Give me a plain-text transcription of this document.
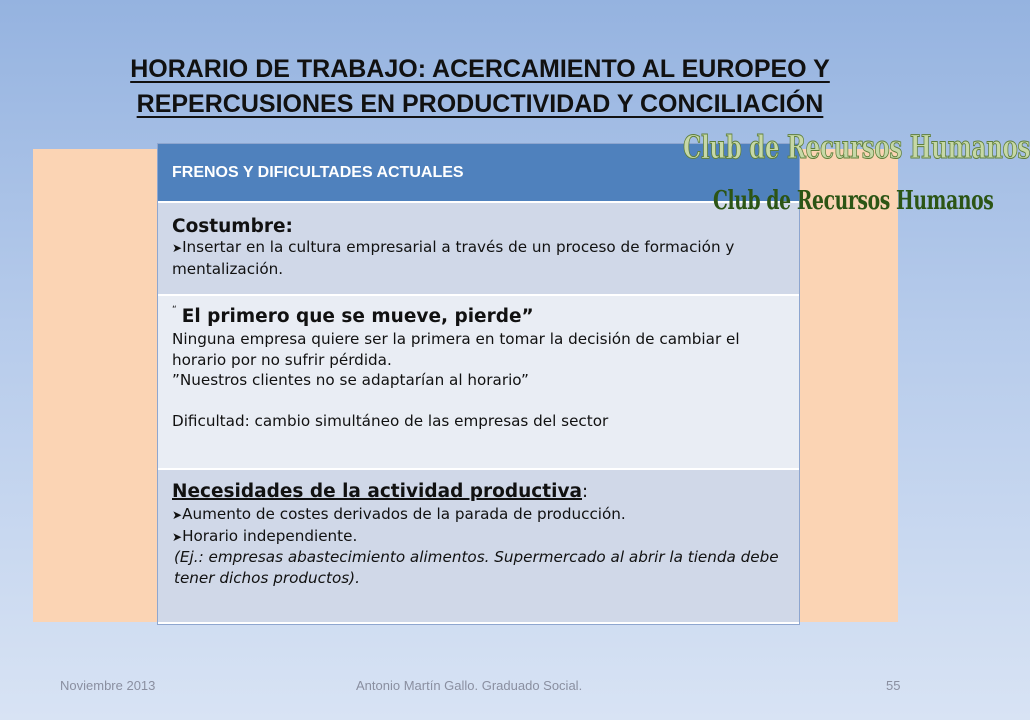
HORARIO DE TRABAJO: ACERCAMIENTO AL EUROPEO Y
REPERCUSIONES EN PRODUCTIVIDAD Y CONCILIACIÓN
FRENOS Y DIFICULTADES ACTUALES
Costumbre:
➤Insertar en la cultura empresarial a través de un proceso de formación y mentalización.
“ El primero que se mueve, pierde”
Ninguna empresa quiere ser la primera en tomar la decisión de cambiar el horario por no sufrir pérdida.
”Nuestros clientes no se adaptarían al horario”
Dificultad: cambio simultáneo de las empresas del sector
Necesidades de la actividad productiva:
➤Aumento de costes derivados de la parada de producción.
➤Horario independiente.
(Ej.: empresas abastecimiento alimentos. Supermercado al abrir la tienda debe tener dichos productos).
Club de Recursos Humanos
Club de Recursos Humanos
Noviembre 2013	Antonio Martín Gallo. Graduado Social.	55
